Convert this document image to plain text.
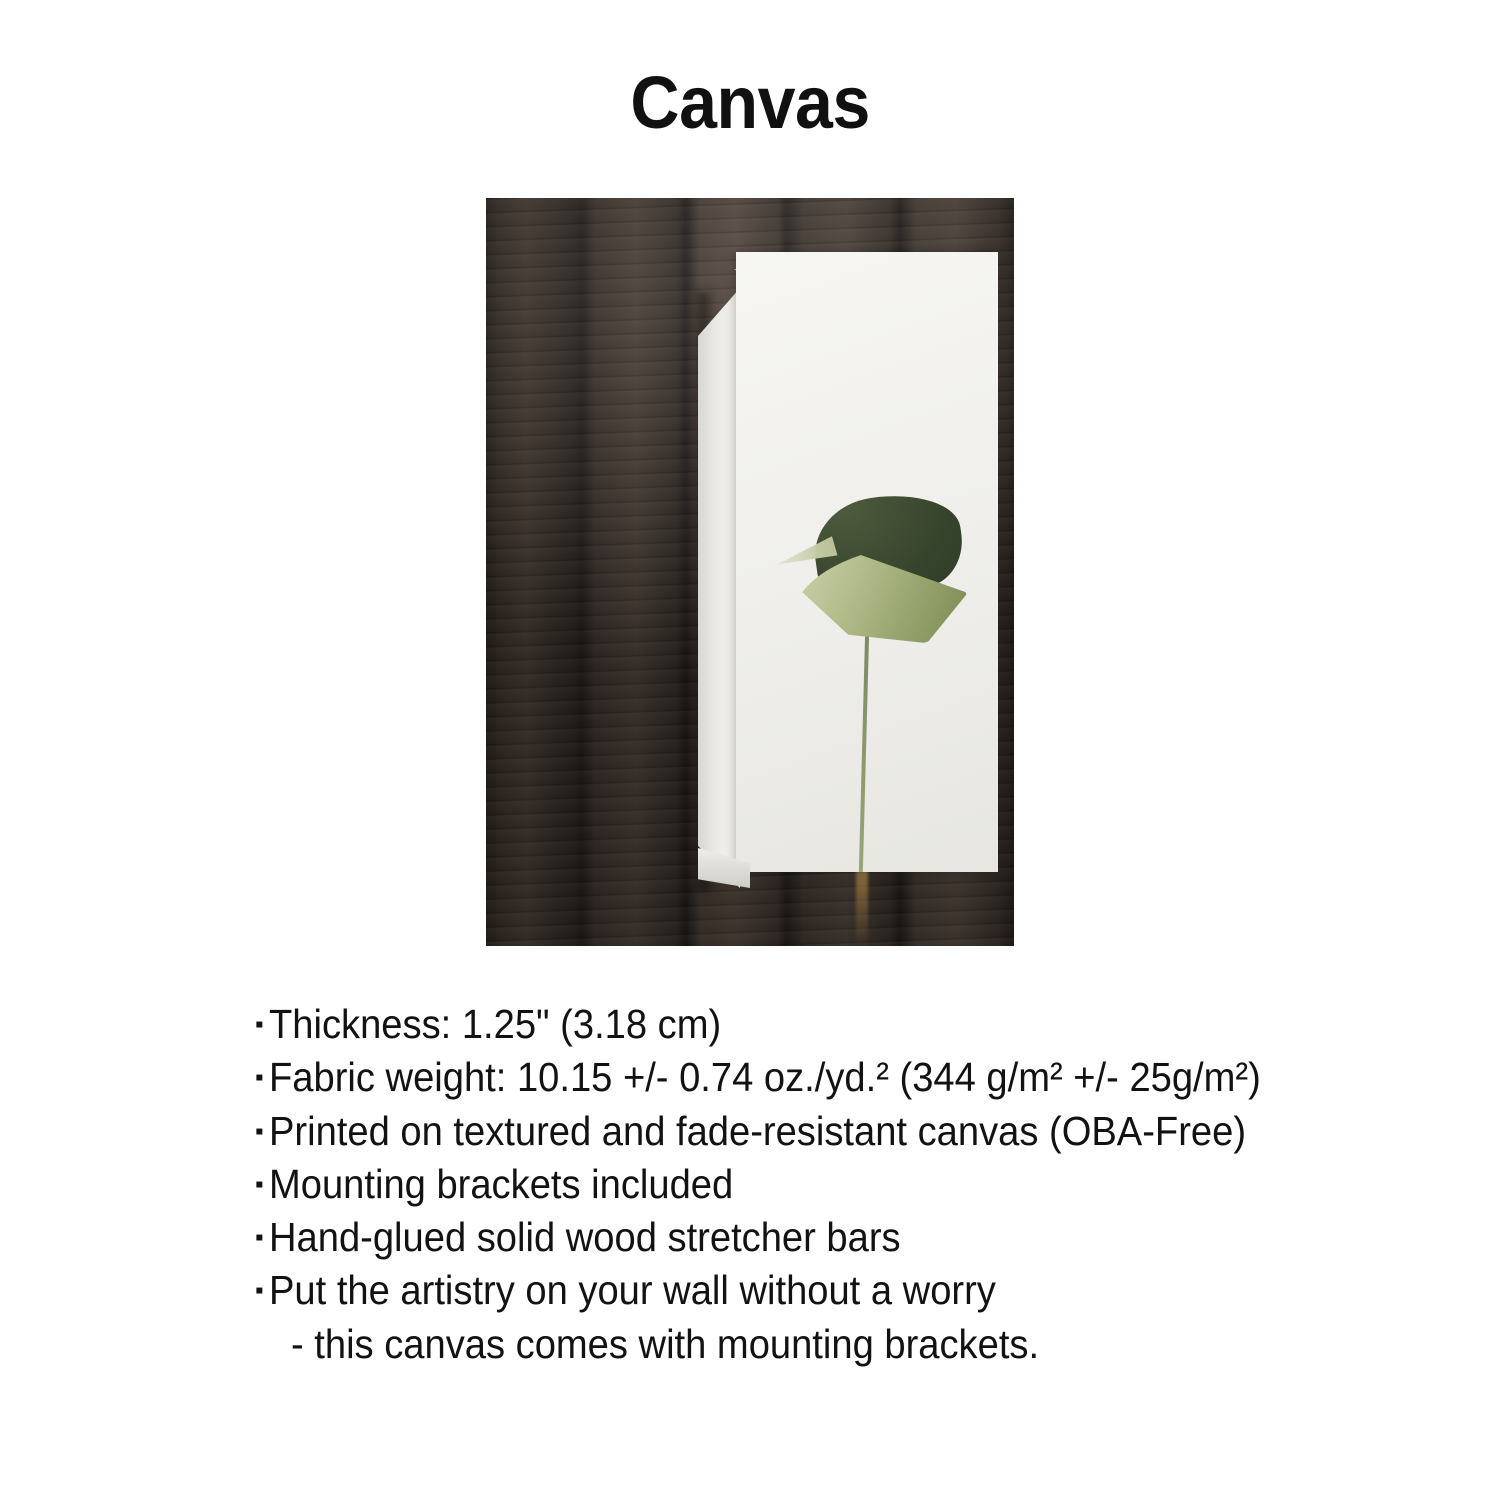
Canvas
▪ Thickness: 1.25" (3.18 cm)
▪ Fabric weight: 10.15 +/- 0.74 oz./yd.² (344 g/m² +/- 25g/m²)
▪ Printed on textured and fade-resistant canvas (OBA-Free)
▪ Mounting brackets included
▪ Hand-glued solid wood stretcher bars
▪ Put the artistry on your wall without a worry
- this canvas comes with mounting brackets.
